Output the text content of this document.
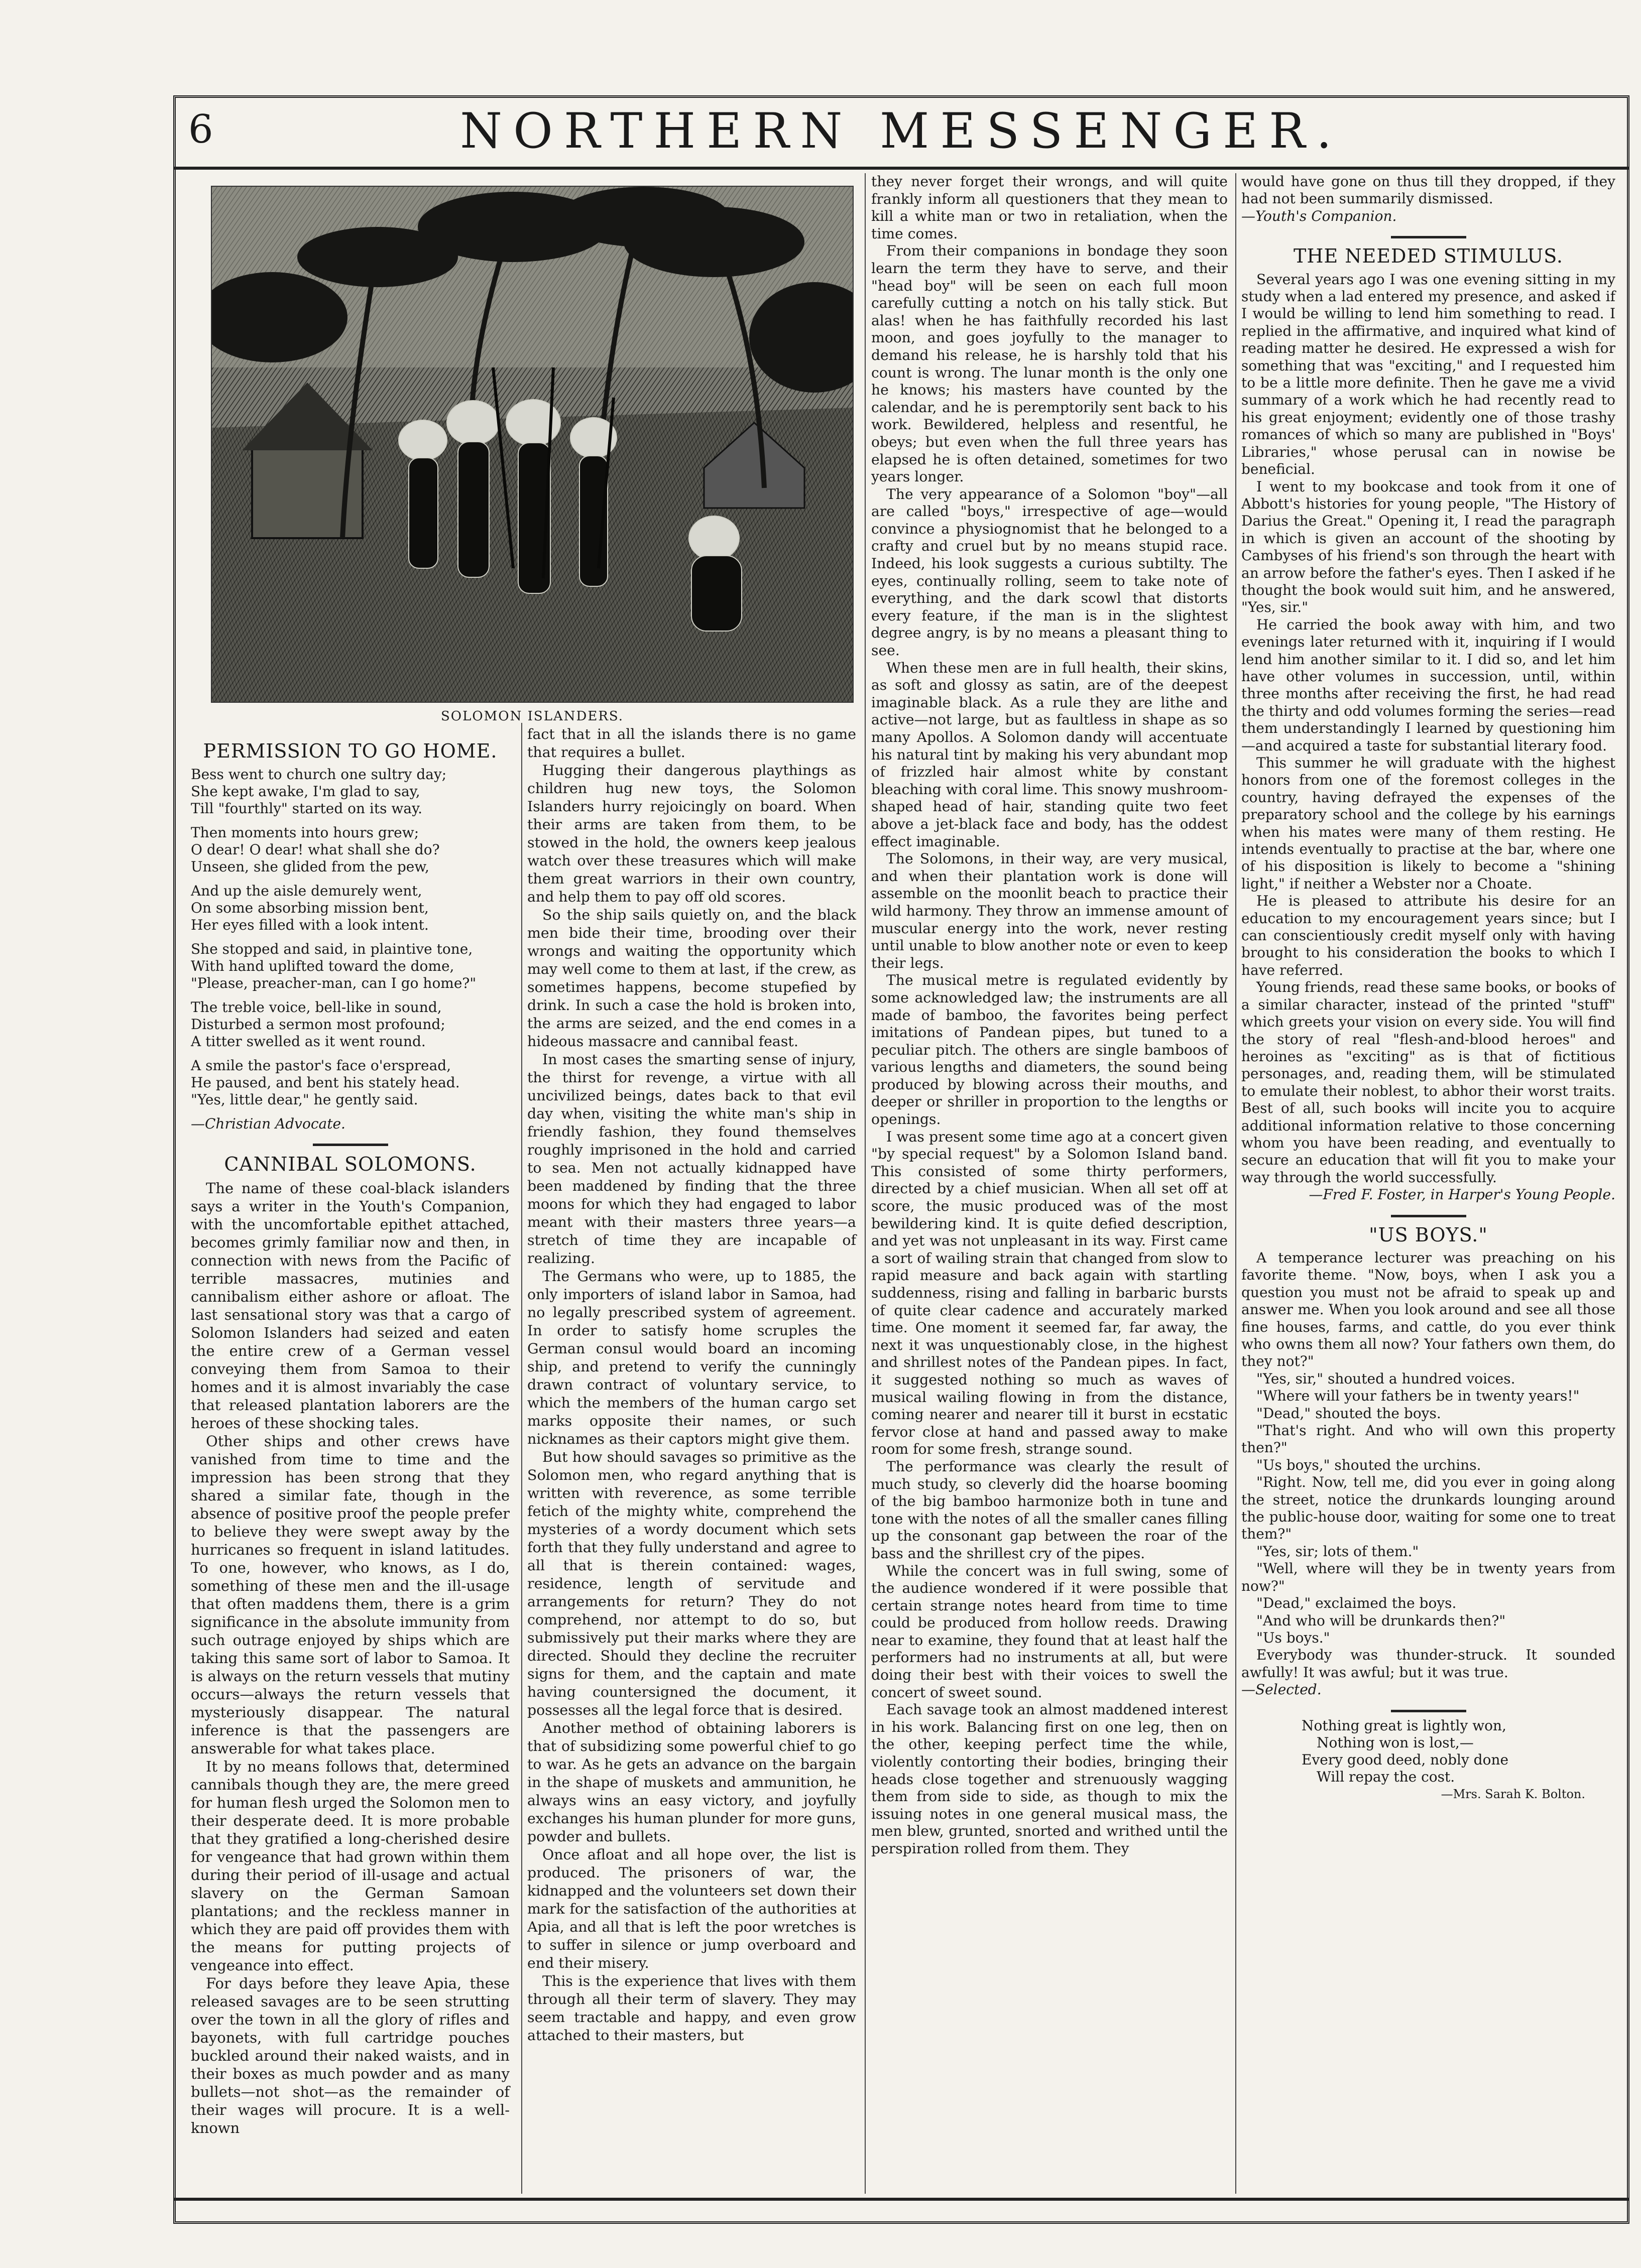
6	NORTHERN MESSENGER.
SOLOMON ISLANDERS.
PERMISSION TO GO HOME.
Bess went to church one sultry day;
She kept awake, I'm glad to say,
Till "fourthly" started on its way.
Then moments into hours grew;
O dear! O dear! what shall she do?
Unseen, she glided from the pew,
And up the aisle demurely went,
On some absorbing mission bent,
Her eyes filled with a look intent.
She stopped and said, in plaintive tone,
With hand uplifted toward the dome,
"Please, preacher-man, can I go home?"
The treble voice, bell-like in sound,
Disturbed a sermon most profound;
A titter swelled as it went round.
A smile the pastor's face o'erspread,
He paused, and bent his stately head.
"Yes, little dear," he gently said.
—Christian Advocate.
CANNIBAL SOLOMONS.

The name of these coal-black islanders says a writer in the Youth's Companion, with the uncomfortable epithet attached, becomes grimly familiar now and then, in connection with news from the Pacific of terrible massacres, mutinies and cannibalism either ashore or afloat. The last sensational story was that a cargo of Solomon Islanders had seized and eaten the entire crew of a German vessel conveying them from Samoa to their homes and it is almost invariably the case that released plantation laborers are the heroes of these shocking tales.

Other ships and other crews have vanished from time to time and the impression has been strong that they shared a similar fate, though in the absence of positive proof the people prefer to believe they were swept away by the hurricanes so frequent in island latitudes. To one, however, who knows, as I do, something of these men and the ill-usage that often maddens them, there is a grim significance in the absolute immunity from such outrage enjoyed by ships which are taking this same sort of labor to Samoa. It is always on the return vessels that mutiny occurs—always the return vessels that mysteriously disappear. The natural inference is that the passengers are answerable for what takes place.

It by no means follows that, determined cannibals though they are, the mere greed for human flesh urged the Solomon men to their desperate deed. It is more probable that they gratified a long-cherished desire for vengeance that had grown within them during their period of ill-usage and actual slavery on the German Samoan plantations; and the reckless manner in which they are paid off provides them with the means for putting projects of vengeance into effect.

For days before they leave Apia, these released savages are to be seen strutting over the town in all the glory of rifles and bayonets, with full cartridge pouches buckled around their naked waists, and in their boxes as much powder and as many bullets—not shot—as the remainder of their wages will procure. It is a well-known

fact that in all the islands there is no game that requires a bullet.

Hugging their dangerous playthings as children hug new toys, the Solomon Islanders hurry rejoicingly on board. When their arms are taken from them, to be stowed in the hold, the owners keep jealous watch over these treasures which will make them great warriors in their own country, and help them to pay off old scores.

So the ship sails quietly on, and the black men bide their time, brooding over their wrongs and waiting the opportunity which may well come to them at last, if the crew, as sometimes happens, become stupefied by drink. In such a case the hold is broken into, the arms are seized, and the end comes in a hideous massacre and cannibal feast.

In most cases the smarting sense of injury, the thirst for revenge, a virtue with all uncivilized beings, dates back to that evil day when, visiting the white man's ship in friendly fashion, they found themselves roughly imprisoned in the hold and carried to sea. Men not actually kidnapped have been maddened by finding that the three moons for which they had engaged to labor meant with their masters three years—a stretch of time they are incapable of realizing.

The Germans who were, up to 1885, the only importers of island labor in Samoa, had no legally prescribed system of agreement. In order to satisfy home scruples the German consul would board an incoming ship, and pretend to verify the cunningly drawn contract of voluntary service, to which the members of the human cargo set marks opposite their names, or such nicknames as their captors might give them.

But how should savages so primitive as the Solomon men, who regard anything that is written with reverence, as some terrible fetich of the mighty white, comprehend the mysteries of a wordy document which sets forth that they fully understand and agree to all that is therein contained: wages, residence, length of servitude and arrangements for return? They do not comprehend, nor attempt to do so, but submissively put their marks where they are directed. Should they decline the recruiter signs for them, and the captain and mate having countersigned the document, it possesses all the legal force that is desired.

Another method of obtaining laborers is that of subsidizing some powerful chief to go to war. As he gets an advance on the bargain in the shape of muskets and ammunition, he always wins an easy victory, and joyfully exchanges his human plunder for more guns, powder and bullets.

Once afloat and all hope over, the list is produced. The prisoners of war, the kidnapped and the volunteers set down their mark for the satisfaction of the authorities at Apia, and all that is left the poor wretches is to suffer in silence or jump overboard and end their misery.

This is the experience that lives with them through all their term of slavery. They may seem tractable and happy, and even grow attached to their masters, but

they never forget their wrongs, and will quite frankly inform all questioners that they mean to kill a white man or two in retaliation, when the time comes.

From their companions in bondage they soon learn the term they have to serve, and their "head boy" will be seen on each full moon carefully cutting a notch on his tally stick. But alas! when he has faithfully recorded his last moon, and goes joyfully to the manager to demand his release, he is harshly told that his count is wrong. The lunar month is the only one he knows; his masters have counted by the calendar, and he is peremptorily sent back to his work. Bewildered, helpless and resentful, he obeys; but even when the full three years has elapsed he is often detained, sometimes for two years longer.

The very appearance of a Solomon "boy"—all are called "boys," irrespective of age—would convince a physiognomist that he belonged to a crafty and cruel but by no means stupid race. Indeed, his look suggests a curious subtilty. The eyes, continually rolling, seem to take note of everything, and the dark scowl that distorts every feature, if the man is in the slightest degree angry, is by no means a pleasant thing to see.

When these men are in full health, their skins, as soft and glossy as satin, are of the deepest imaginable black. As a rule they are lithe and active—not large, but as faultless in shape as so many Apollos. A Solomon dandy will accentuate his natural tint by making his very abundant mop of frizzled hair almost white by constant bleaching with coral lime. This snowy mushroom-shaped head of hair, standing quite two feet above a jet-black face and body, has the oddest effect imaginable.

The Solomons, in their way, are very musical, and when their plantation work is done will assemble on the moonlit beach to practice their wild harmony. They throw an immense amount of muscular energy into the work, never resting until unable to blow another note or even to keep their legs.

The musical metre is regulated evidently by some acknowledged law; the instruments are all made of bamboo, the favorites being perfect imitations of Pandean pipes, but tuned to a peculiar pitch. The others are single bamboos of various lengths and diameters, the sound being produced by blowing across their mouths, and deeper or shriller in proportion to the lengths or openings.

I was present some time ago at a concert given "by special request" by a Solomon Island band. This consisted of some thirty performers, directed by a chief musician. When all set off at score, the music produced was of the most bewildering kind. It is quite defied description, and yet was not unpleasant in its way. First came a sort of wailing strain that changed from slow to rapid measure and back again with startling suddenness, rising and falling in barbaric bursts of quite clear cadence and accurately marked time. One moment it seemed far, far away, the next it was unquestionably close, in the highest and shrillest notes of the Pandean pipes. In fact, it suggested nothing so much as waves of musical wailing flowing in from the distance, coming nearer and nearer till it burst in ecstatic fervor close at hand and passed away to make room for some fresh, strange sound.

The performance was clearly the result of much study, so cleverly did the hoarse booming of the big bamboo harmonize both in tune and tone with the notes of all the smaller canes filling up the consonant gap between the roar of the bass and the shrillest cry of the pipes.

While the concert was in full swing, some of the audience wondered if it were possible that certain strange notes heard from time to time could be produced from hollow reeds. Drawing near to examine, they found that at least half the performers had no instruments at all, but were doing their best with their voices to swell the concert of sweet sound.

Each savage took an almost maddened interest in his work. Balancing first on one leg, then on the other, keeping perfect time the while, violently contorting their bodies, bringing their heads close together and strenuously wagging them from side to side, as though to mix the issuing notes in one general musical mass, the men blew, grunted, snorted and writhed until the perspiration rolled from them. They

would have gone on thus till they dropped, if they had not been summarily dismissed.

—Youth's Companion.

THE NEEDED STIMULUS.

Several years ago I was one evening sitting in my study when a lad entered my presence, and asked if I would be willing to lend him something to read. I replied in the affirmative, and inquired what kind of reading matter he desired. He expressed a wish for something that was "exciting," and I requested him to be a little more definite. Then he gave me a vivid summary of a work which he had recently read to his great enjoyment; evidently one of those trashy romances of which so many are published in "Boys' Libraries," whose perusal can in nowise be beneficial.

I went to my bookcase and took from it one of Abbott's histories for young people, "The History of Darius the Great." Opening it, I read the paragraph in which is given an account of the shooting by Cambyses of his friend's son through the heart with an arrow before the father's eyes. Then I asked if he thought the book would suit him, and he answered, "Yes, sir."

He carried the book away with him, and two evenings later returned with it, inquiring if I would lend him another similar to it. I did so, and let him have other volumes in succession, until, within three months after receiving the first, he had read the thirty and odd volumes forming the series—read them understandingly I learned by questioning him—and acquired a taste for substantial literary food.

This summer he will graduate with the highest honors from one of the foremost colleges in the country, having defrayed the expenses of the preparatory school and the college by his earnings when his mates were many of them resting. He intends eventually to practise at the bar, where one of his disposition is likely to become a "shining light," if neither a Webster nor a Choate.

He is pleased to attribute his desire for an education to my encouragement years since; but I can conscientiously credit myself only with having brought to his consideration the books to which I have referred.

Young friends, read these same books, or books of a similar character, instead of the printed "stuff" which greets your vision on every side. You will find the story of real "flesh-and-blood heroes" and heroines as "exciting" as is that of fictitious personages, and, reading them, will be stimulated to emulate their noblest, to abhor their worst traits. Best of all, such books will incite you to acquire additional information relative to those concerning whom you have been reading, and eventually to secure an education that will fit you to make your way through the world successfully.

—Fred F. Foster, in Harper's Young People.

"US BOYS."

A temperance lecturer was preaching on his favorite theme. "Now, boys, when I ask you a question you must not be afraid to speak up and answer me. When you look around and see all those fine houses, farms, and cattle, do you ever think who owns them all now? Your fathers own them, do they not?"

"Yes, sir," shouted a hundred voices.

"Where will your fathers be in twenty years!"

"Dead," shouted the boys.

"That's right. And who will own this property then?"

"Us boys," shouted the urchins.

"Right. Now, tell me, did you ever in going along the street, notice the drunkards lounging around the public-house door, waiting for some one to treat them?"

"Yes, sir; lots of them."

"Well, where will they be in twenty years from now?"

"Dead," exclaimed the boys.

"And who will be drunkards then?"

"Us boys."

Everybody was thunder-struck. It sounded awfully! It was awful; but it was true.

—Selected.

Nothing great is lightly won,
Nothing won is lost,—
Every good deed, nobly done
Will repay the cost.
—Mrs. Sarah K. Bolton.
